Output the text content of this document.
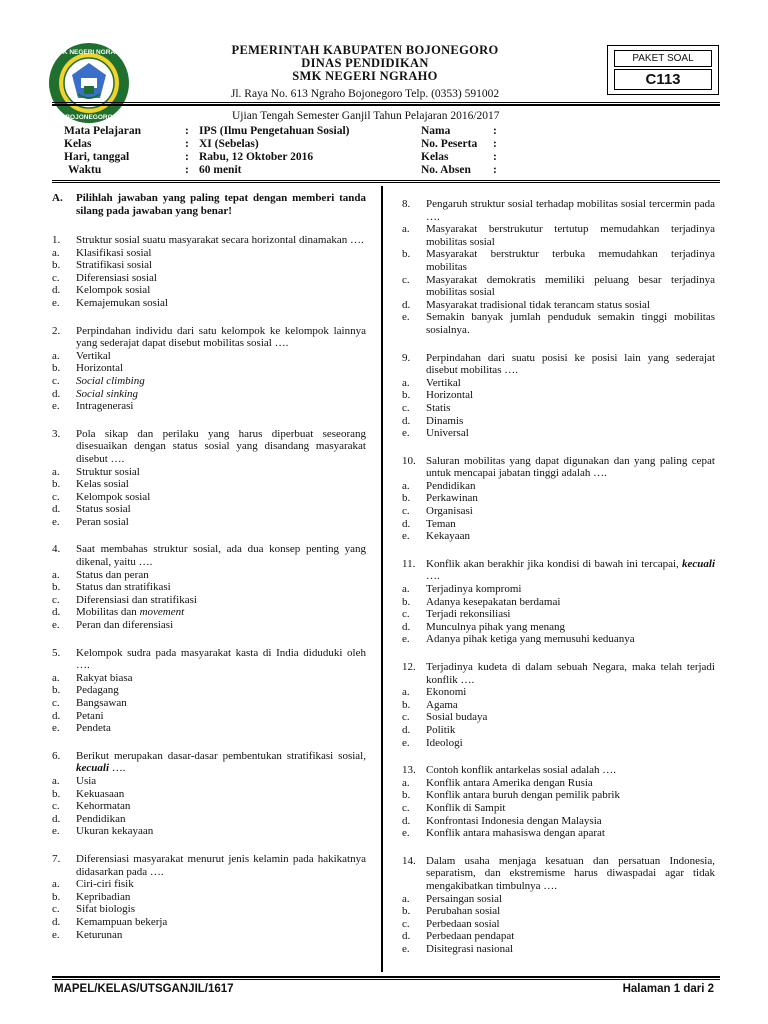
SMK NEGERI NGRAHO
BOJONEGORO
PEMERINTAH KABUPATEN BOJONEGORO
DINAS PENDIDIKAN
SMK NEGERI NGRAHO
Jl. Raya No. 613 Ngraho Bojonegoro Telp. (0353) 591002
PAKET SOAL
C113
Ujian Tengah Semester Ganjil Tahun Pelajaran 2016/2017
Mata Pelajaran	: IPS (Ilmu Pengetahuan Sosial)
Kelas	: XI (Sebelas)
Hari, tanggal	: Rabu, 12 Oktober 2016
Waktu	: 60 menit
Nama	:
No. Peserta :
Kelas	:
No. Absen :
A.	Pilihlah jawaban yang paling tepat dengan memberi tanda silang pada jawaban yang benar!
1.	Struktur sosial suatu masyarakat secara horizontal dinamakan ….
a.	Klasifikasi sosial
b.	Stratifikasi sosial
c.	Diferensiasi sosial
d.	Kelompok sosial
e.	Kemajemukan sosial
2.	Perpindahan individu dari satu kelompok ke kelompok lainnya yang sederajat dapat disebut mobilitas sosial ….
a.	Vertikal
b.	Horizontal
c.	Social climbing
d.	Social sinking
e.	Intragenerasi
3.	Pola sikap dan perilaku yang harus diperbuat seseorang disesuaikan dengan status sosial yang disandang masyarakat disebut ….
a.	Struktur sosial
b.	Kelas sosial
c.	Kelompok sosial
d.	Status sosial
e.	Peran sosial
4.	Saat membahas struktur sosial, ada dua konsep penting yang dikenal, yaitu ….
a.	Status dan peran
b.	Status dan stratifikasi
c.	Diferensiasi dan stratifikasi
d.	Mobilitas dan movement
e.	Peran dan diferensiasi
5.	Kelompok sudra pada masyarakat kasta di India diduduki oleh ….
a.	Rakyat biasa
b.	Pedagang
c.	Bangsawan
d.	Petani
e.	Pendeta
6.	Berikut merupakan dasar-dasar pembentukan stratifikasi sosial, kecuali ….
a.	Usia
b.	Kekuasaan
c.	Kehormatan
d.	Pendidikan
e.	Ukuran kekayaan
7.	Diferensiasi masyarakat menurut jenis kelamin pada hakikatnya didasarkan pada ….
a.	Ciri-ciri fisik
b.	Kepribadian
c.	Sifat biologis
d.	Kemampuan bekerja
e.	Keturunan
8.	Pengaruh struktur sosial terhadap mobilitas sosial tercermin pada ….
a.	Masyarakat berstrukutur tertutup memudahkan terjadinya mobilitas sosial
b.	Masyarakat berstruktur terbuka memudahkan terjadinya mobilitas
c.	Masyarakat demokratis memiliki peluang besar terjadinya mobilitas sosial
d.	Masyarakat tradisional tidak terancam status sosial
e.	Semakin banyak jumlah penduduk semakin tinggi mobilitas sosialnya.
9.	Perpindahan dari suatu posisi ke posisi lain yang sederajat disebut mobilitas ….
a.	Vertikal
b.	Horizontal
c.	Statis
d.	Dinamis
e.	Universal
10. Saluran mobilitas yang dapat digunakan dan yang paling cepat untuk mencapai jabatan tinggi adalah ….
a.	Pendidikan
b.	Perkawinan
c.	Organisasi
d.	Teman
e.	Kekayaan
11. Konflik akan berakhir jika kondisi di bawah ini tercapai, kecuali ….
a.	Terjadinya kompromi
b.	Adanya kesepakatan berdamai
c.	Terjadi rekonsiliasi
d.	Munculnya pihak yang menang
e.	Adanya pihak ketiga yang memusuhi keduanya
12. Terjadinya kudeta di dalam sebuah Negara, maka telah terjadi konflik ….
a.	Ekonomi
b.	Agama
c.	Sosial budaya
d.	Politik
e.	Ideologi
13. Contoh konflik antarkelas sosial adalah ….
a.	Konflik antara Amerika dengan Rusia
b.	Konflik antara buruh dengan pemilik pabrik
c.	Konflik di Sampit
d.	Konfrontasi Indonesia dengan Malaysia
e.	Konflik antara mahasiswa dengan aparat
14. Dalam usaha menjaga kesatuan dan persatuan Indonesia, separatism, dan ekstremisme harus diwaspadai agar tidak mengakibatkan timbulnya ….
a.	Persaingan sosial
b.	Perubahan sosial
c.	Perbedaan sosial
d.	Perbedaan pendapat
e.	Disitegrasi nasional
MAPEL/KELAS/UTSGANJIL/1617	Halaman 1 dari 2
